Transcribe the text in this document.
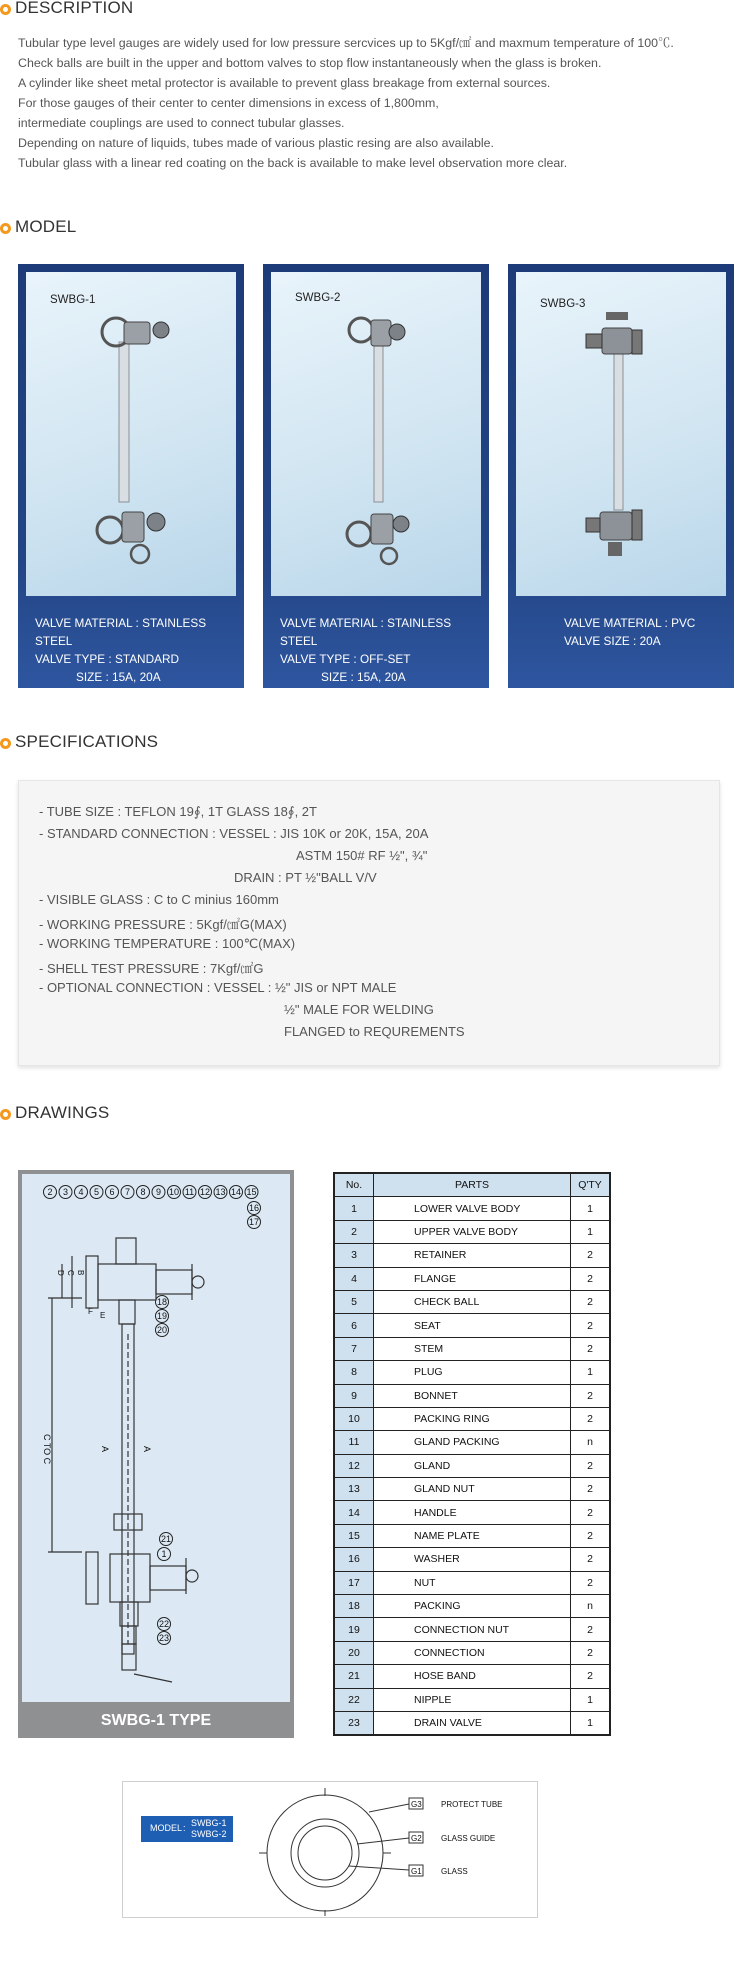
DESCRIPTION
Tubular type level gauges are widely used for low pressure sercvices up to 5Kgf/㎠ and maxmum temperature of 100℃.
Check balls are built in the upper and bottom valves to stop flow instantaneously when the glass is broken.
A cylinder like sheet metal protector is available to prevent glass breakage from external sources.
For those gauges of their center to center dimensions in excess of 1,800mm,
intermediate couplings are used to connect tubular glasses.
Depending on nature of liquids, tubes made of various plastic resing are also available.
Tubular glass with a linear red coating on the back is available to make level observation more clear.
MODEL
SWBG-1
VALVE MATERIAL : STAINLESS STEEL
VALVE TYPE : STANDARD
SIZE : 15A, 20A
SWBG-2
VALVE MATERIAL : STAINLESS STEEL
VALVE TYPE : OFF-SET
SIZE : 15A, 20A
SWBG-3
VALVE MATERIAL : PVC
VALVE SIZE : 20A
SPECIFICATIONS
- TUBE SIZE : TEFLON 19∮, 1T GLASS 18∮, 2T
- STANDARD CONNECTION : VESSEL : JIS 10K or 20K, 15A, 20A
ASTM 150# RF ½", ¾"
DRAIN : PT ½"BALL V/V
- VISIBLE GLASS : C to C minius 160mm
- WORKING PRESSURE : 5Kgf/㎠G(MAX)
- WORKING TEMPERATURE : 100℃(MAX)
- SHELL TEST PRESSURE : 7Kgf/㎠G
- OPTIONAL CONNECTION : VESSEL : ½" JIS or NPT MALE
½" MALE FOR WELDING
FLANGED to REQUREMENTS
DRAWINGS
2 3 4 5 6 7 8 9 10 11 12 13 14 15
16
17
18
19
20
21
1
22
23
C TO C	A	A
D C B
F E
SWBG-1 TYPE
No.	PARTS	Q'TY
1	LOWER VALVE BODY	1
2	UPPER VALVE BODY	1
3	RETAINER	2
4	FLANGE	2
5	CHECK BALL	2
6	SEAT	2
7	STEM	2
8	PLUG	1
9	BONNET	2
10	PACKING RING	2
11	GLAND PACKING	n
12	GLAND	2
13	GLAND NUT	2
14	HANDLE	2
15	NAME PLATE	2
16	WASHER	2
17	NUT	2
18	PACKING	n
19	CONNECTION NUT	2
20	CONNECTION	2
21	HOSE BAND	2
22	NIPPLE	1
23	DRAIN VALVE	1
MODEL : SWBG-1
SWBG-2
G3
G2
G1
PROTECT TUBE
GLASS GUIDE
GLASS
